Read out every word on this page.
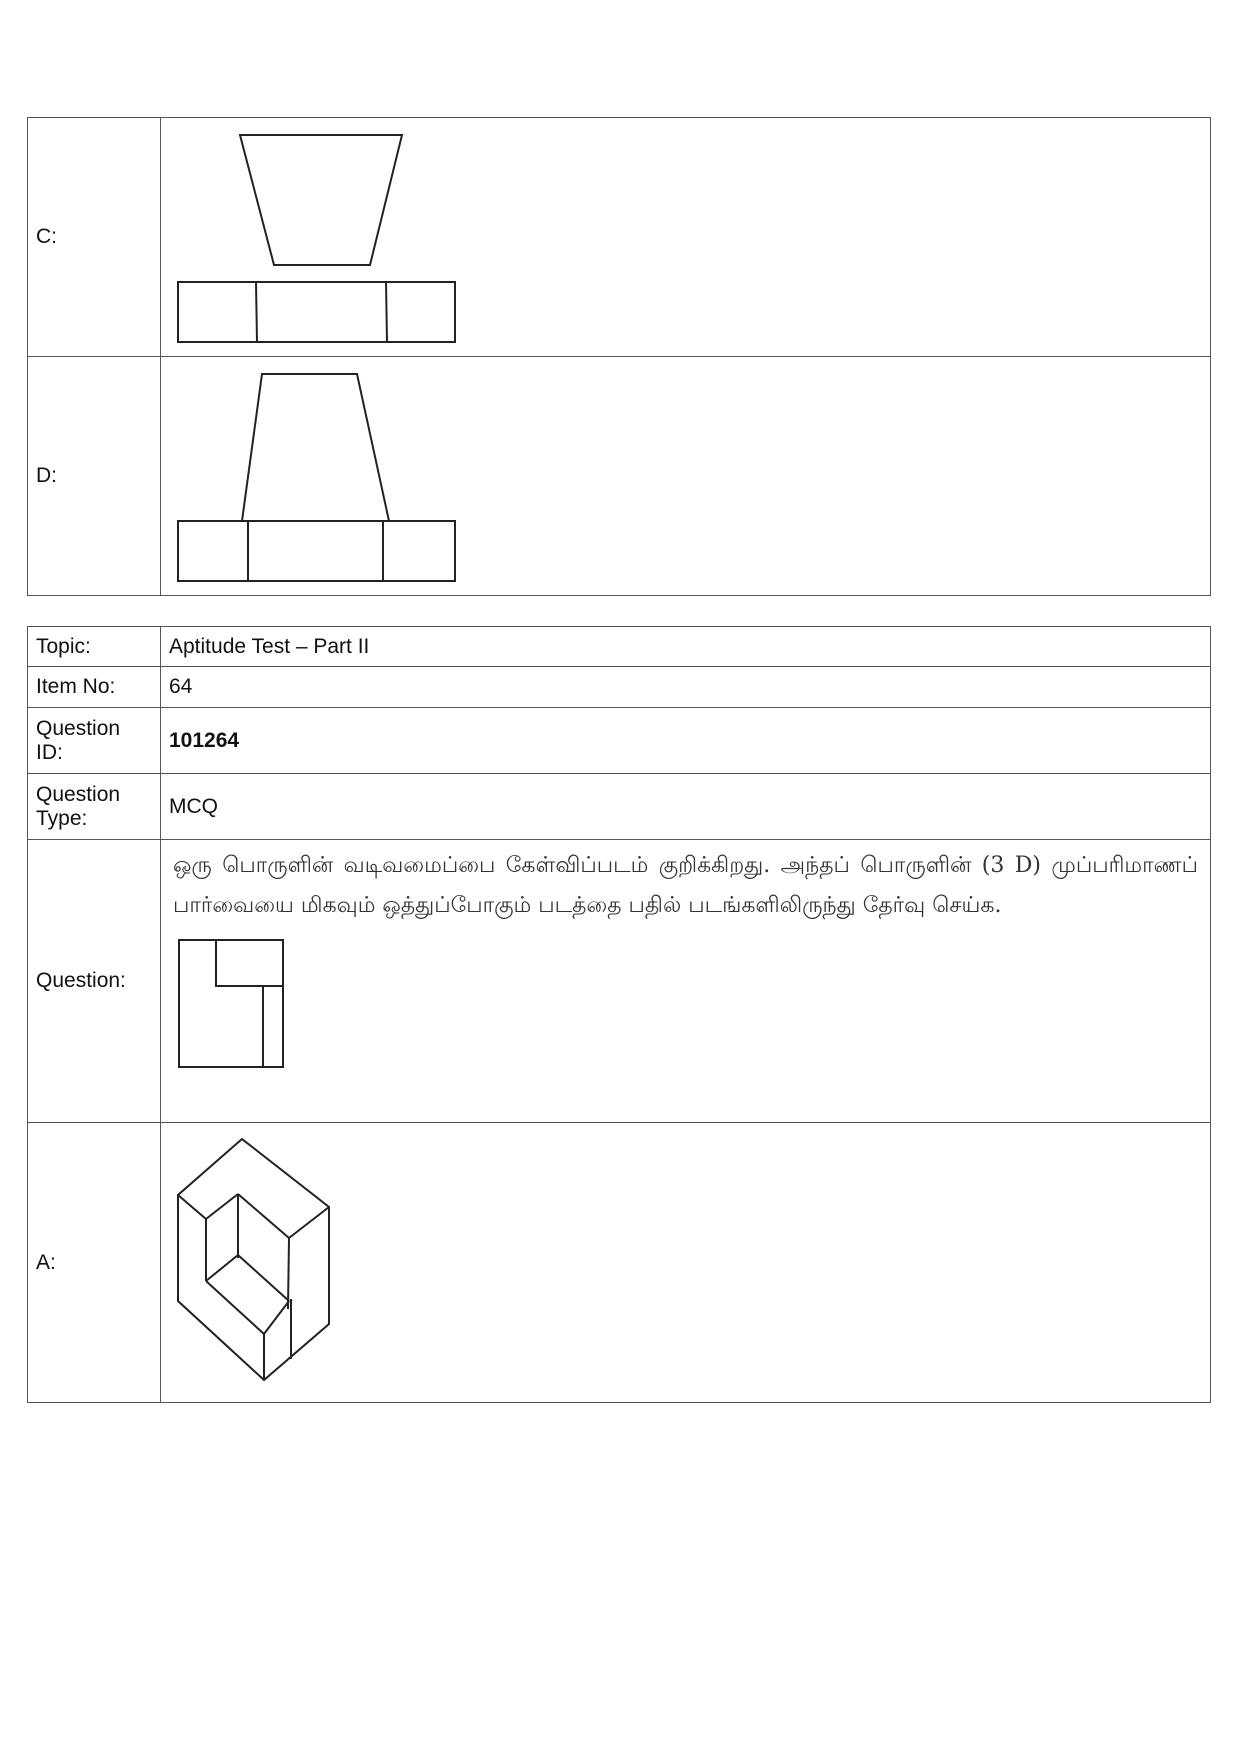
C:	

D:	
Topic:	Aptitude Test – Part II
Item No:	64
Question ID:	101264
Question Type:	MCQ
Question:	ஒரு பொருளின் வடிவமைப்பை கேள்விப்படம் குறிக்கிறது. அந்தப் பொருளின் (3 D) முப்பரிமாணப் பார்வையை மிகவும் ஒத்துப்போகும் படத்தை பதில் படங்களிலிருந்து தேர்வு செய்க.

A:	
